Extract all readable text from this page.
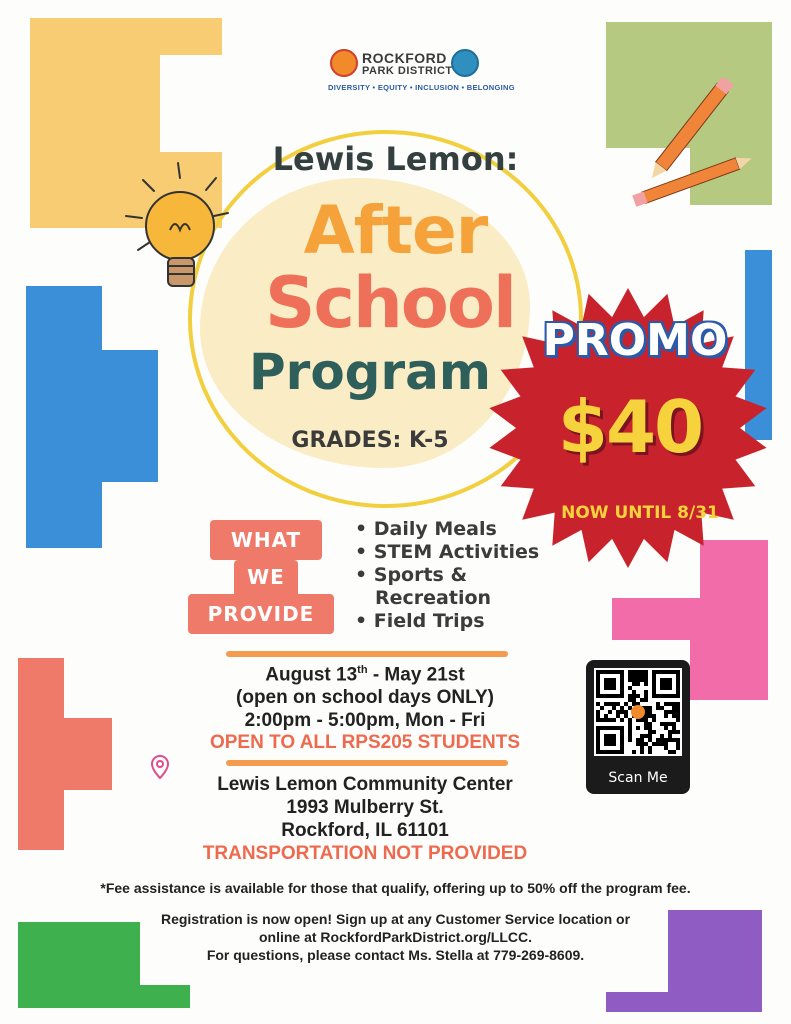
ROCKFORD
PARK DISTRICT
DIVERSITY • EQUITY • INCLUSION • BELONGING
Lewis Lemon:
After
School
Program
GRADES: K-5
PROMO
$40
NOW UNTIL 8/31
WHAT
WE
PROVIDE
• Daily Meals
• STEM Activities
• Sports &
Recreation
• Field Trips
August 13th - May 21st
(open on school days ONLY)
2:00pm - 5:00pm, Mon - Fri
OPEN TO ALL RPS205 STUDENTS
Lewis Lemon Community Center
1993 Mulberry St.
Rockford, IL 61101
TRANSPORTATION NOT PROVIDED
Scan Me
*Fee assistance is available for those that qualify, offering up to 50% off the program fee.
Registration is now open! Sign up at any Customer Service location or
online at RockfordParkDistrict.org/LLCC.
For questions, please contact Ms. Stella at 779-269-8609.
